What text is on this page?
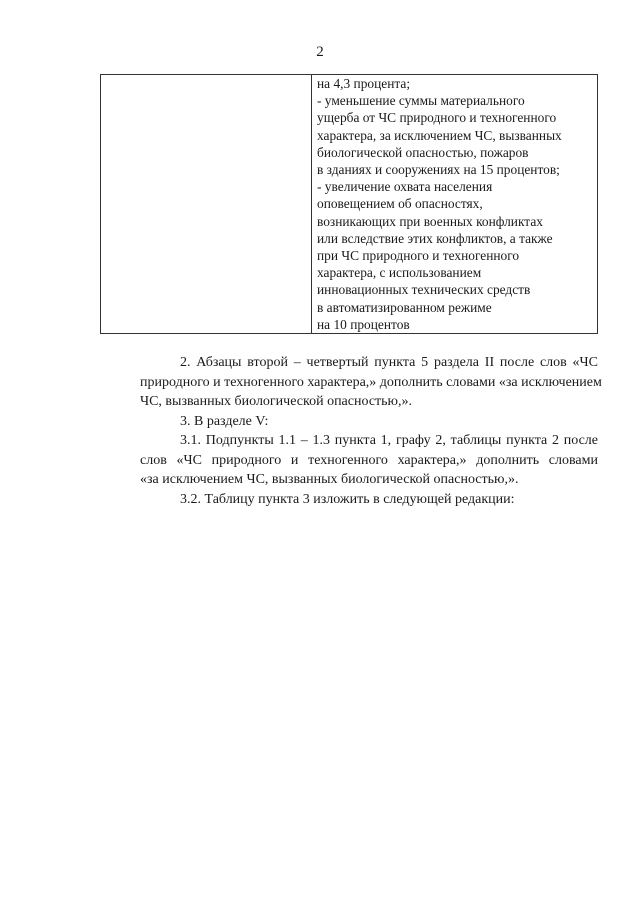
2
на 4,3 процента;
- уменьшение суммы материального
ущерба от ЧС природного и техногенного
характера, за исключением ЧС, вызванных
биологической опасностью, пожаров
в зданиях и сооружениях на 15 процентов;
- увеличение охвата населения
оповещением об опасностях,
возникающих при военных конфликтах
или вследствие этих конфликтов, а также
при ЧС природного и техногенного
характера, с использованием
инновационных технических средств
в автоматизированном режиме
на 10 процентов

2. Абзацы второй – четвертый пункта 5 раздела II после слов «ЧС
природного и техногенного характера,» дополнить словами «за исключением
ЧС, вызванных биологической опасностью,».

3. В разделе V:

3.1. Подпункты 1.1 – 1.3 пункта 1, графу 2, таблицы пункта 2 после
слов «ЧС природного и техногенного характера,» дополнить словами
«за исключением ЧС, вызванных биологической опасностью,».

3.2. Таблицу пункта 3 изложить в следующей редакции:
